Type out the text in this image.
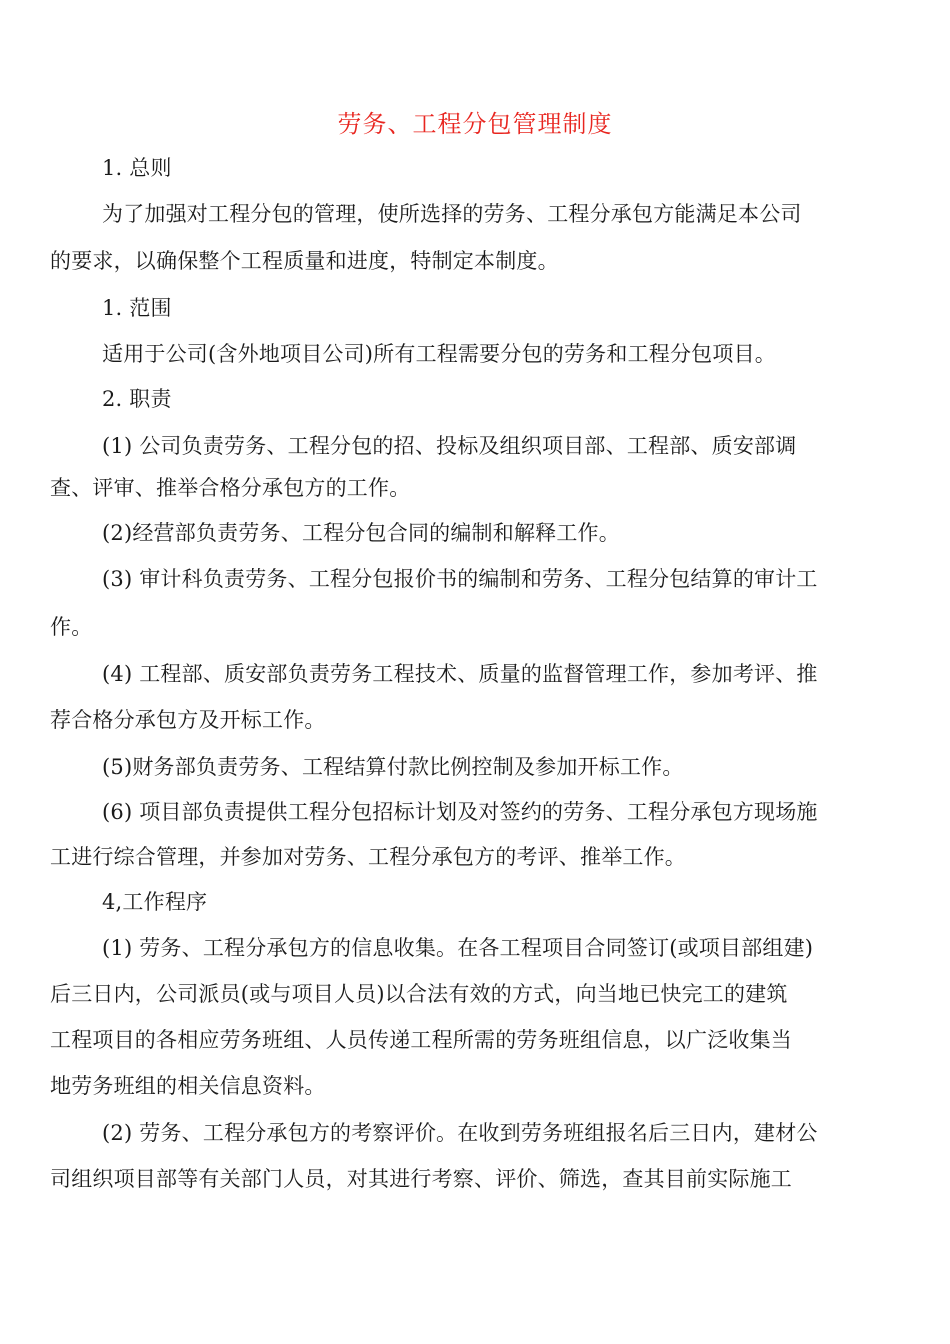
劳务、工程分包管理制度
1. 总则
为了加强对工程分包的管理，使所选择的劳务、工程分承包方能满足本公司
的要求，以确保整个工程质量和进度，特制定本制度。
1. 范围
适用于公司(含外地项目公司)所有工程需要分包的劳务和工程分包项目。
2. 职责
(1) 公司负责劳务、工程分包的招、投标及组织项目部、工程部、质安部调
查、评审、推举合格分承包方的工作。
(2)经营部负责劳务、工程分包合同的编制和解释工作。
(3) 审计科负责劳务、工程分包报价书的编制和劳务、工程分包结算的审计工
作。
(4) 工程部、质安部负责劳务工程技术、质量的监督管理工作，参加考评、推
荐合格分承包方及开标工作。
(5)财务部负责劳务、工程结算付款比例控制及参加开标工作。
(6) 项目部负责提供工程分包招标计划及对签约的劳务、工程分承包方现场施
工进行综合管理，并参加对劳务、工程分承包方的考评、推举工作。
4,工作程序
(1) 劳务、工程分承包方的信息收集。在各工程项目合同签订(或项目部组建)
后三日内，公司派员(或与项目人员)以合法有效的方式，向当地已快完工的建筑
工程项目的各相应劳务班组、人员传递工程所需的劳务班组信息，以广泛收集当
地劳务班组的相关信息资料。
(2) 劳务、工程分承包方的考察评价。在收到劳务班组报名后三日内，建材公
司组织项目部等有关部门人员，对其进行考察、评价、筛选，查其目前实际施工
